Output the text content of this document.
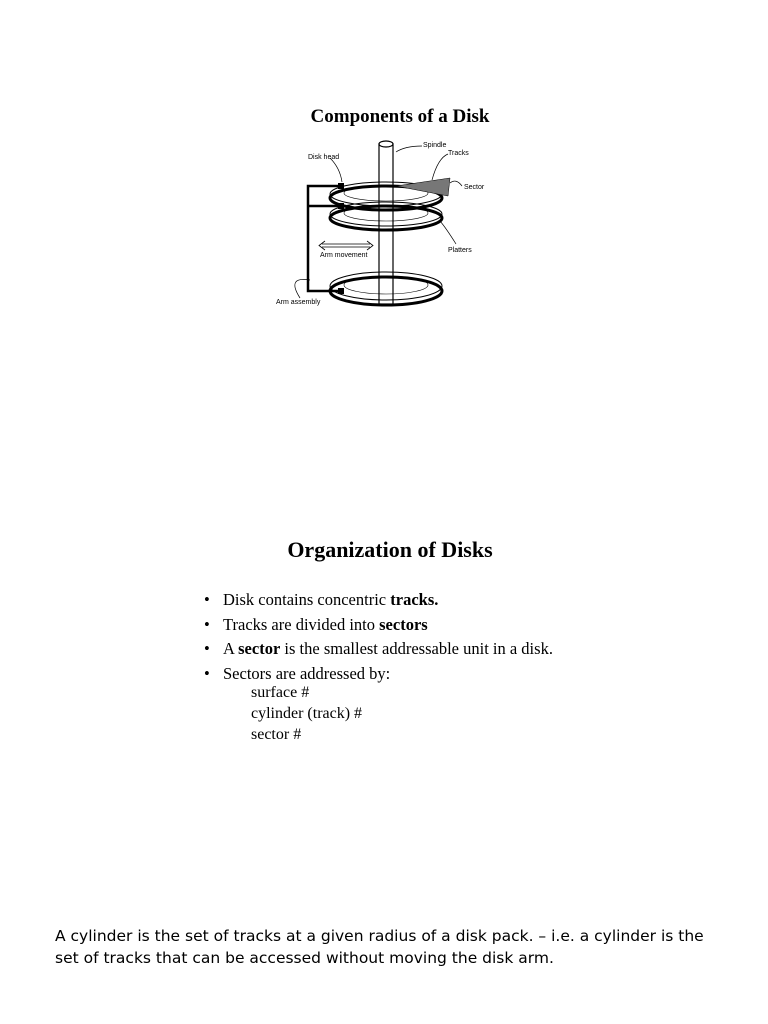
Components of a Disk
Spindle
Tracks
Disk head
Sector
Platters
Arm movement
Arm assembly
Organization of Disks
• Disk contains concentric tracks.
• Tracks are divided into sectors
• A sector is the smallest addressable unit in a disk.
• Sectors are addressed by:
surface #
cylinder (track) #
sector #
A cylinder is the set of tracks at a given radius of a disk pack. – i.e. a cylinder is the set of tracks that can be accessed without moving the disk arm.
